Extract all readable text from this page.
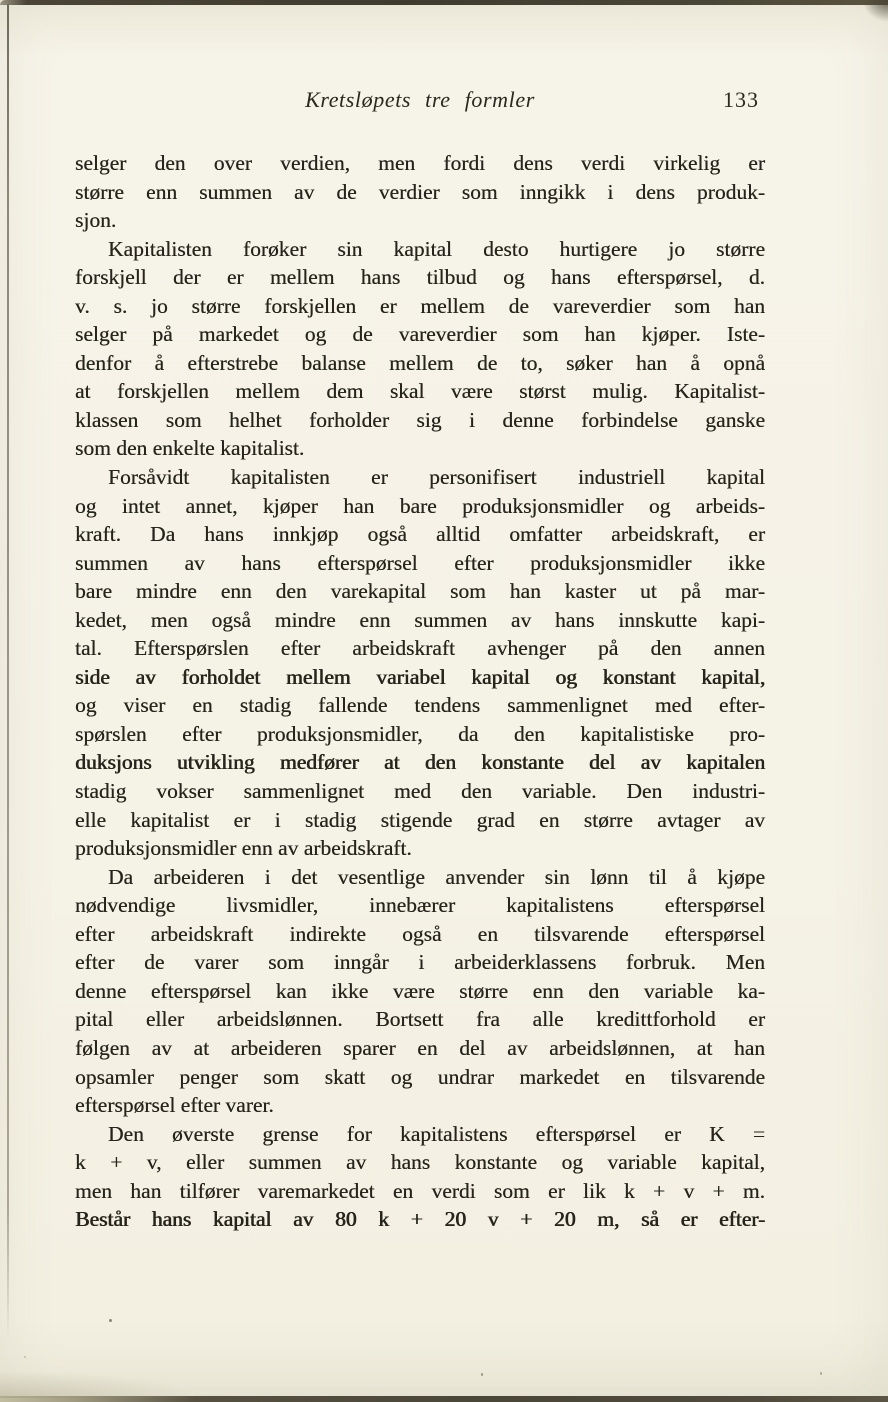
Kretsløpets tre formler	133
selger den over verdien, men fordi dens verdi virkelig er
større enn summen av de verdier som inngikk i dens produk-
sjon.
Kapitalisten forøker sin kapital desto hurtigere jo større
forskjell der er mellem hans tilbud og hans efterspørsel, d.
v. s. jo større forskjellen er mellem de vareverdier som han
selger på markedet og de vareverdier som han kjøper. Iste-
denfor å efterstrebe balanse mellem de to, søker han å opnå
at forskjellen mellem dem skal være størst mulig. Kapitalist-
klassen som helhet forholder sig i denne forbindelse ganske
som den enkelte kapitalist.
Forsåvidt kapitalisten er personifisert industriell kapital
og intet annet, kjøper han bare produksjonsmidler og arbeids-
kraft. Da hans innkjøp også alltid omfatter arbeidskraft, er
summen av hans efterspørsel efter produksjonsmidler ikke
bare mindre enn den varekapital som han kaster ut på mar-
kedet, men også mindre enn summen av hans innskutte kapi-
tal. Efterspørslen efter arbeidskraft avhenger på den annen
side av forholdet mellem variabel kapital og konstant kapital,
og viser en stadig fallende tendens sammenlignet med efter-
spørslen efter produksjonsmidler, da den kapitalistiske pro-
duksjons utvikling medfører at den konstante del av kapitalen
stadig vokser sammenlignet med den variable. Den industri-
elle kapitalist er i stadig stigende grad en større avtager av
produksjonsmidler enn av arbeidskraft.
Da arbeideren i det vesentlige anvender sin lønn til å kjøpe
nødvendige livsmidler, innebærer kapitalistens efterspørsel
efter arbeidskraft indirekte også en tilsvarende efterspørsel
efter de varer som inngår i arbeiderklassens forbruk. Men
denne efterspørsel kan ikke være større enn den variable ka-
pital eller arbeidslønnen. Bortsett fra alle kredittforhold er
følgen av at arbeideren sparer en del av arbeidslønnen, at han
opsamler penger som skatt og undrar markedet en tilsvarende
efterspørsel efter varer.
Den øverste grense for kapitalistens efterspørsel er K =
k + v, eller summen av hans konstante og variable kapital,
men han tilfører varemarkedet en verdi som er lik k + v + m.
Består hans kapital av 80 k + 20 v + 20 m, så er efter-
